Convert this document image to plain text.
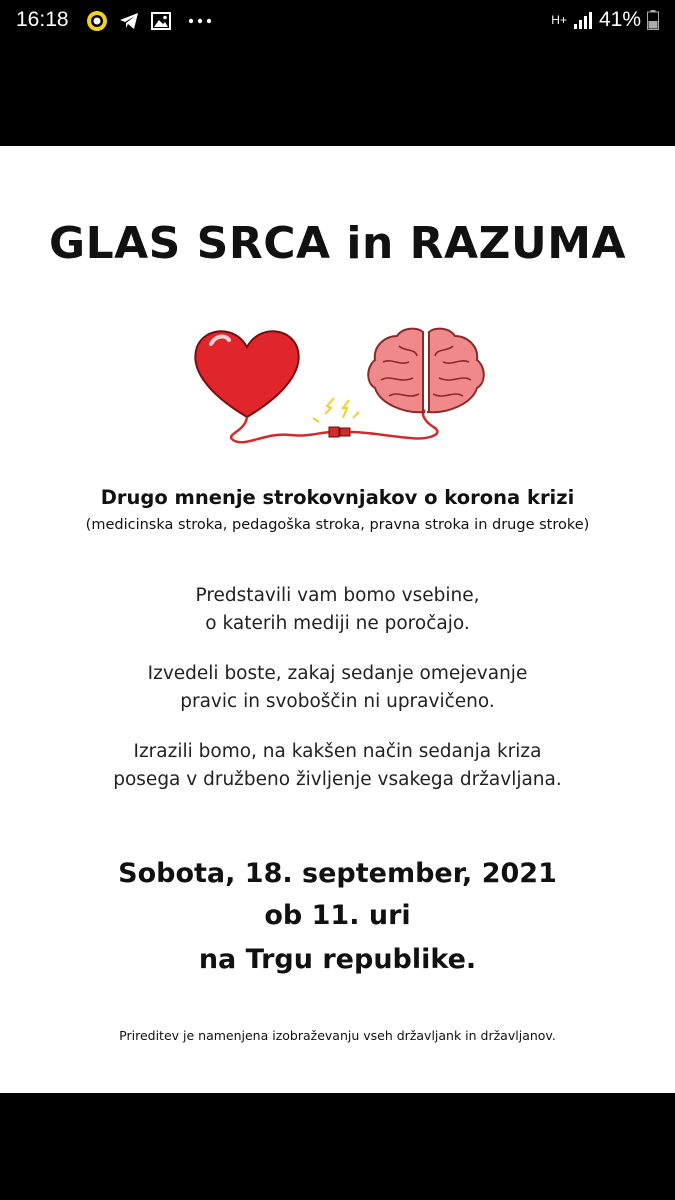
16:18	H+ 41%
GLAS SRCA in RAZUMA
Drugo mnenje strokovnjakov o korona krizi
(medicinska stroka, pedagoška stroka, pravna stroka in druge stroke)
Predstavili vam bomo vsebine,
o katerih mediji ne poročajo.
Izvedeli boste, zakaj sedanje omejevanje
pravic in svoboščin ni upravičeno.
Izrazili bomo, na kakšen način sedanja kriza
posega v družbeno življenje vsakega državljana.
Sobota, 18. september, 2021
ob 11. uri
na Trgu republike.
Prireditev je namenjena izobraževanju vseh državljank in državljanov.
